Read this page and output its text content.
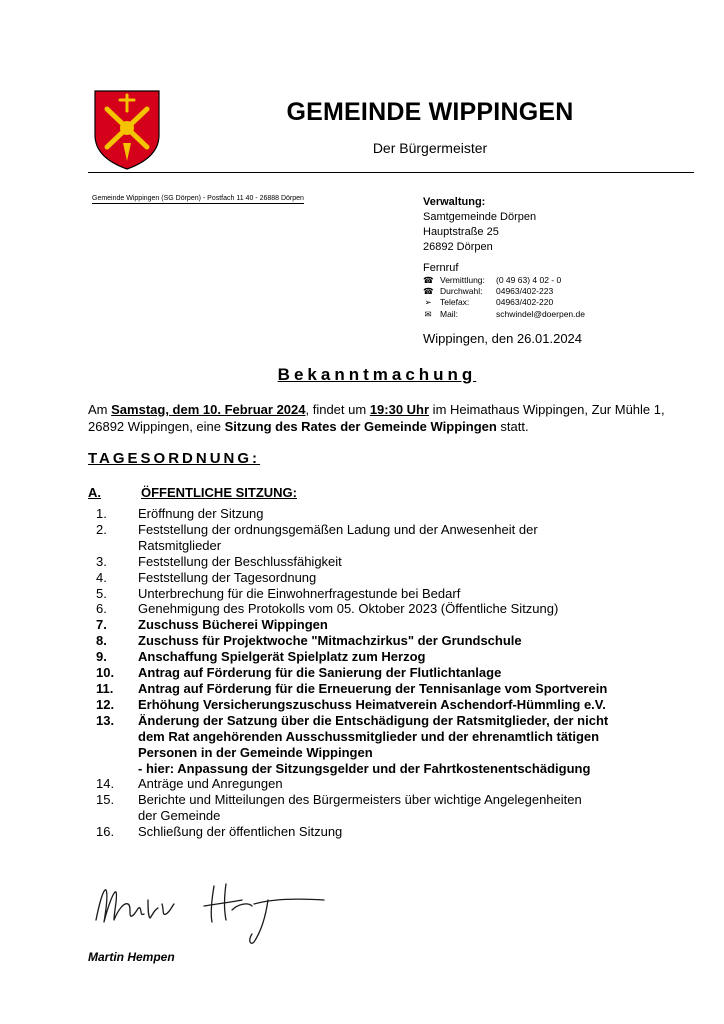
GEMEINDE WIPPINGEN
Der Bürgermeister
Gemeinde Wippingen (SG Dörpen) - Postfach 11 40 - 26888 Dörpen	Verwaltung:
Samtgemeinde Dörpen
Hauptstraße 25
26892 Dörpen
Fernruf
☎ Vermittlung: (0 49 63) 4 02 - 0
☎ Durchwahl: 04963/402-223
➢ Telefax:	04963/402-220
✉ Mail:	schwindel@doerpen.de
Wippingen, den 26.01.2024
Bekanntmachung
Am Samstag, dem 10. Februar 2024, findet um 19:30 Uhr im Heimathaus Wippingen, Zur Mühle 1, 26892 Wippingen, eine Sitzung des Rates der Gemeinde Wippingen statt.
TAGESORDNUNG:
A.	ÖFFENTLICHE SITZUNG:
1. Eröffnung der Sitzung
2. Feststellung der ordnungsgemäßen Ladung und der Anwesenheit der
Ratsmitglieder
3. Feststellung der Beschlussfähigkeit
4. Feststellung der Tagesordnung
5. Unterbrechung für die Einwohnerfragestunde bei Bedarf
6. Genehmigung des Protokolls vom 05. Oktober 2023 (Öffentliche Sitzung)
7. Zuschuss Bücherei Wippingen
8. Zuschuss für Projektwoche "Mitmachzirkus" der Grundschule
9. Anschaffung Spielgerät Spielplatz zum Herzog
10. Antrag auf Förderung für die Sanierung der Flutlichtanlage
11. Antrag auf Förderung für die Erneuerung der Tennisanlage vom Sportverein
12. Erhöhung Versicherungszuschuss Heimatverein Aschendorf-Hümmling e.V.
13. Änderung der Satzung über die Entschädigung der Ratsmitglieder, der nicht
dem Rat angehörenden Ausschussmitglieder und der ehrenamtlich tätigen
Personen in der Gemeinde Wippingen
- hier: Anpassung der Sitzungsgelder und der Fahrtkostenentschädigung
14. Anträge und Anregungen
15. Berichte und Mitteilungen des Bürgermeisters über wichtige Angelegenheiten
der Gemeinde
16. Schließung der öffentlichen Sitzung
Martin Hempen
